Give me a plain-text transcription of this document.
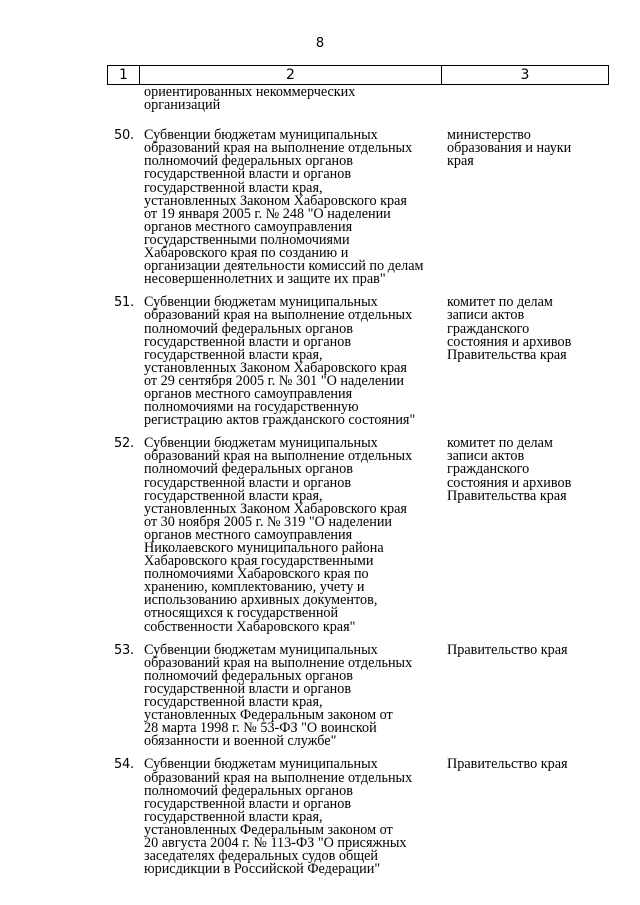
8
1	2	3
ориентированных некоммерческих
организаций
50. Субвенции бюджетам муниципальных
образований края на выполнение отдельных
полномочий федеральных органов
государственной власти и органов
государственной власти края,
установленных Законом Хабаровского края
от 19 января 2005 г. № 248 "О наделении
органов местного самоуправления
государственными полномочиями
Хабаровского края по созданию и
организации деятельности комиссий по делам
несовершеннолетних и защите их прав"
министерство
образования и науки
края
51. Субвенции бюджетам муниципальных
образований края на выполнение отдельных
полномочий федеральных органов
государственной власти и органов
государственной власти края,
установленных Законом Хабаровского края
от 29 сентября 2005 г. № 301 "О наделении
органов местного самоуправления
полномочиями на государственную
регистрацию актов гражданского состояния"
комитет по делам
записи актов
гражданского
состояния и архивов
Правительства края
52. Субвенции бюджетам муниципальных
образований края на выполнение отдельных
полномочий федеральных органов
государственной власти и органов
государственной власти края,
установленных Законом Хабаровского края
от 30 ноября 2005 г. № 319 "О наделении
органов местного самоуправления
Николаевского муниципального района
Хабаровского края государственными
полномочиями Хабаровского края по
хранению, комплектованию, учету и
использованию архивных документов,
относящихся к государственной
собственности Хабаровского края"
комитет по делам
записи актов
гражданского
состояния и архивов
Правительства края
53. Субвенции бюджетам муниципальных
образований края на выполнение отдельных
полномочий федеральных органов
государственной власти и органов
государственной власти края,
установленных Федеральным законом от
28 марта 1998 г. № 53-ФЗ "О воинской
обязанности и военной службе"
Правительство края
54. Субвенции бюджетам муниципальных
образований края на выполнение отдельных
полномочий федеральных органов
государственной власти и органов
государственной власти края,
установленных Федеральным законом от
20 августа 2004 г. № 113-ФЗ "О присяжных
заседателях федеральных судов общей
юрисдикции в Российской Федерации"
Правительство края
